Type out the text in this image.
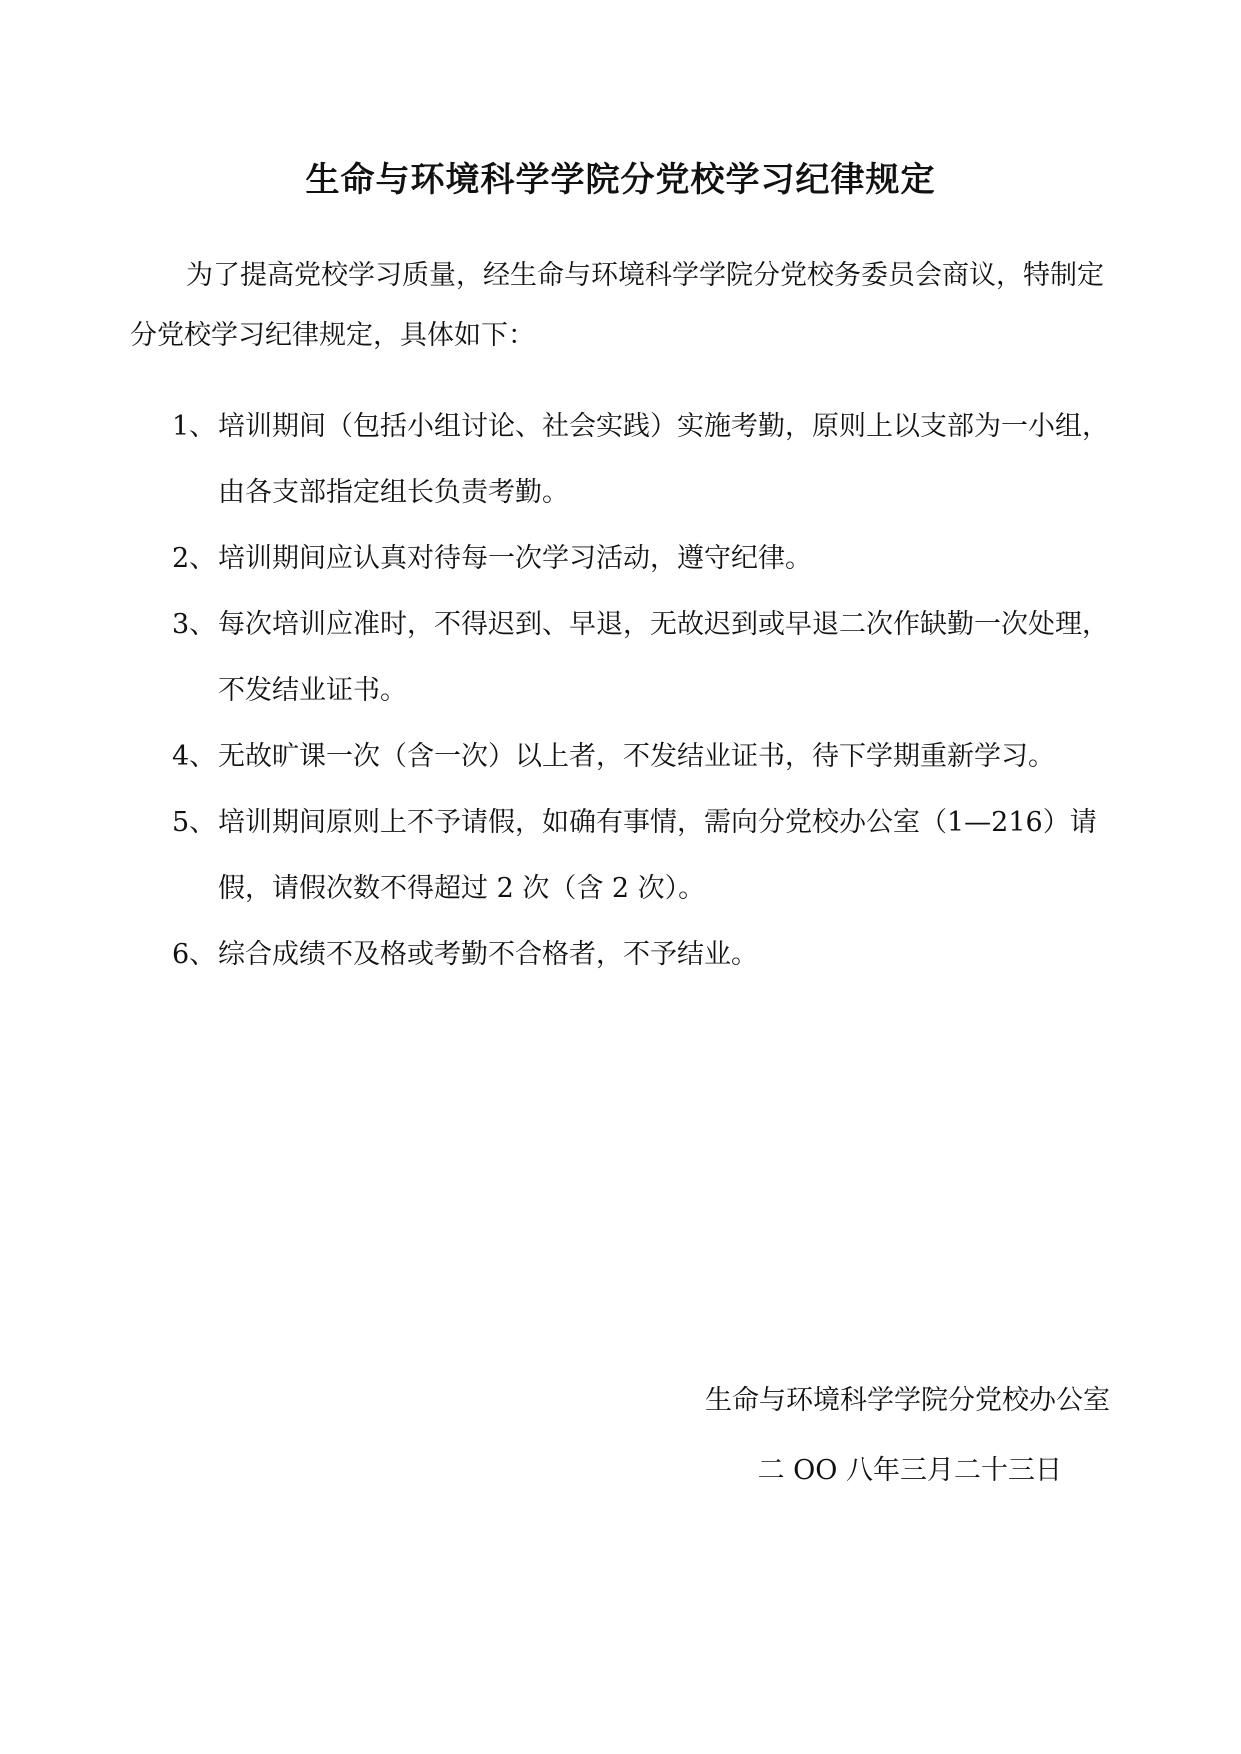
生命与环境科学学院分党校学习纪律规定

为了提高党校学习质量，经生命与环境科学学院分党校务委员会商议，特制定分党校学习纪律规定，具体如下：

1、 培训期间（包括小组讨论、社会实践）实施考勤，原则上以支部为一小组，由各支部指定组长负责考勤。
2、 培训期间应认真对待每一次学习活动，遵守纪律。
3、 每次培训应准时，不得迟到、早退，无故迟到或早退二次作缺勤一次处理，不发结业证书。
4、 无故旷课一次（含一次）以上者，不发结业证书，待下学期重新学习。
5、 培训期间原则上不予请假，如确有事情，需向分党校办公室（1—216）请假，请假次数不得超过 2 次（含 2 次）。
6、 综合成绩不及格或考勤不合格者，不予结业。
生命与环境科学学院分党校办公室
二 OO 八年三月二十三日
